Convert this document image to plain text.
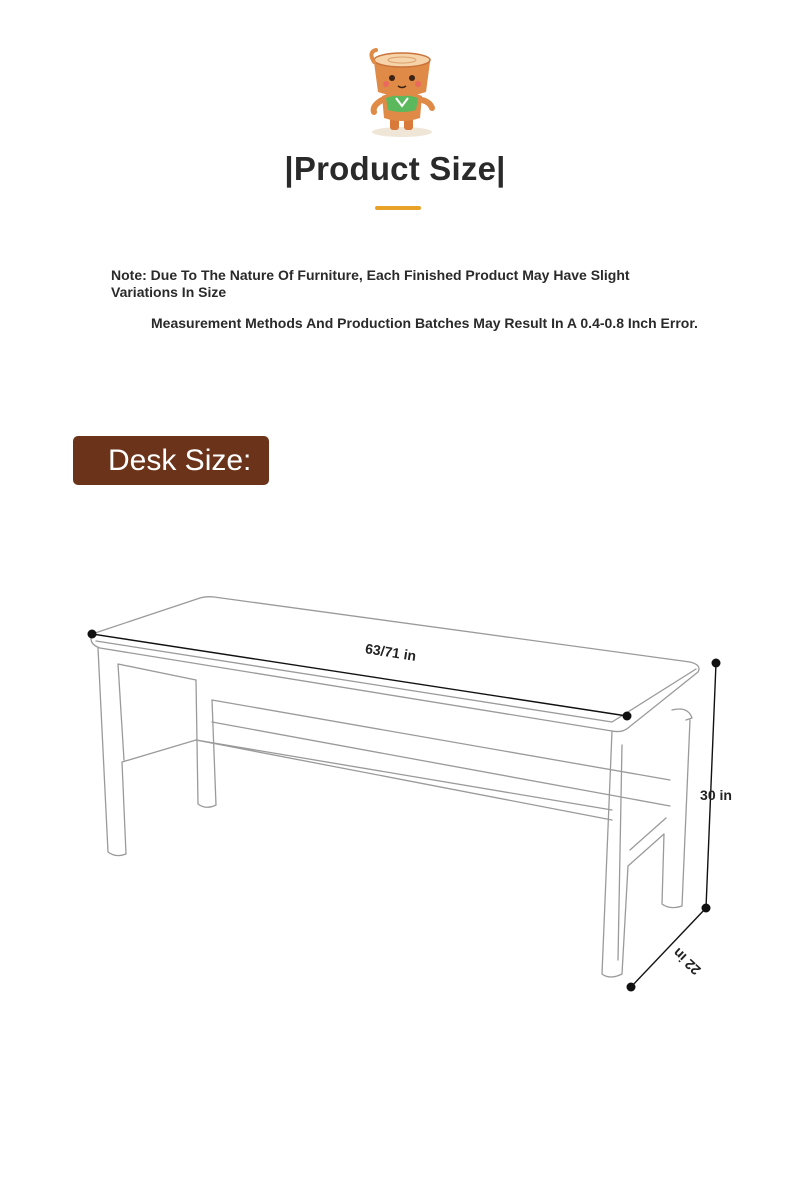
|Product Size|
Note: Due To The Nature Of Furniture, Each Finished Product May Have Slight Variations In Size
Measurement Methods And Production Batches May Result In A 0.4-0.8 Inch Error.
Desk Size:
63/71 in
30 in
22 in
